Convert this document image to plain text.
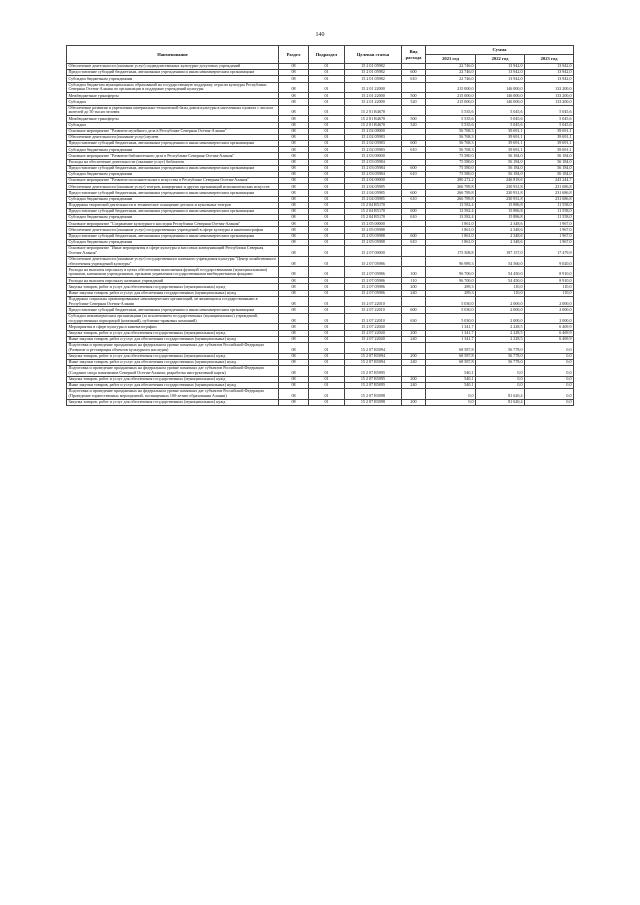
140
Наименование	Раздел	Подраздел	Целевая статья	Вид расхода	Сумма		
					2021 год	2022 год	2023 год
Обеспечение деятельности (оказание услуг) подведомственных культурно-досуговых учреждений	08	01	15 2 01 05982		22 746,0	13 942,0	13 942,0
Предоставление субсидий бюджетным, автономным учреждениям и иным некоммерческим организациям	08	01	15 2 01 05982	600	22 746,0	13 942,0	13 942,0
Субсидии бюджетным учреждениям	08	01	15 2 01 05982	610	22 746,0	13 942,0	13 942,0
Субсидии бюджетам муниципальных образований на государственную поддержку отрасли культуры Республики Северная Осетия-Алания по организации и поддержке учреждений культуры	08	01	15 2 01 22000		215 000,0	146 000,0	133 200,0
Межбюджетные трансферты	08	01	15 2 01 22000	500	215 000,0	146 000,0	133 200,0
Субсидии	08	01	15 2 01 22000	520	215 000,0	146 000,0	133 200,0
Обеспечение развития и укрепления материально-технической базы домов культуры в населенных пунктах с числом жителей до 50 тысяч человек	08	01	15 2 01 R4670		5 535,6	5 045,6	5 045,6
Межбюджетные трансферты	08	01	15 2 01 R4670	500	5 535,6	5 045,6	5 045,6
Субсидии	08	01	15 2 01 R4670	520	5 535,6	5 045,6	5 045,6
Основное мероприятие "Развитие музейного дела в Республике Северная Осетия-Алания"	08	01	15 2 02 00000		56 768,3	39 691,1	39 691,1
Обеспечение деятельности (оказание услуг) музеев	08	01	15 2 02 05983		56 768,3	39 691,1	39 691,1
Предоставление субсидий бюджетным, автономным учреждениям и иным некоммерческим организациям	08	01	15 2 02 05983	600	56 768,3	39 691,1	39 691,1
Субсидии бюджетным учреждениям	08	01	15 2 02 05983	610	56 768,3	39 691,1	39 691,1
Основное мероприятие "Развитие библиотечного дела в Республике Северная Осетия-Алания"	08	01	15 2 03 00000		75 580,0	56 184,0	56 184,0
Расходы на обеспечение деятельности (оказание услуг) библиотек	08	01	15 2 03 05984		75 580,0	56 184,0	56 184,0
Предоставление субсидий бюджетным, автономным учреждениям и иным некоммерческим организациям	08	01	15 2 03 05984	600	75 580,0	56 184,0	56 184,0
Субсидии бюджетным учреждениям	08	01	15 2 03 05984	610	75 580,0	56 184,0	56 184,0
Основное мероприятие "Развитие исполнительского искусства в Республике Северная Осетия-Алания"	08	01	15 2 04 00000		280 272,2	246 818,6	243 244,7
Обеспечение деятельности (оказание услуг) театров, концертных и других организаций исполнительских искусств	08	01	15 2 04 05985		266 789,8	230 931,8	231 686,8
Предоставление субсидий бюджетным, автономным учреждениям и иным некоммерческим организациям	08	01	15 2 04 05985	600	266 789,8	230 931,8	231 686,8
Субсидии бюджетным учреждениям	08	01	15 2 04 05985	610	266 789,8	230 931,8	231 686,8
Поддержка творческой деятельности и техническое оснащение детских и кукольных театров	08	01	15 2 04 R5170		13 582,4	15 886,8	11 558,0
Предоставление субсидий бюджетным, автономным учреждениям и иным некоммерческим организациям	08	01	15 2 04 R5170	600	13 582,4	15 886,8	11 558,0
Субсидии бюджетным учреждениям	08	01	15 2 04 R5170	610	13 582,4	15 886,8	11 558,0
Основное мероприятие "Сохранение культурного наследия Республики Северная Осетия-Алания"	08	01	15 2 05 00000		1 861,0	2 348,6	1 967,0
Обеспечение деятельности (оказание услуг) государственных учреждений в сфере культуры и кинематографии	08	01	15 2 05 05988		1 861,0	2 348,6	1 967,0
Предоставление субсидий бюджетным, автономным учреждениям и иным некоммерческим организациям	08	01	15 2 05 05988	600	1 861,0	2 348,6	1 967,0
Субсидии бюджетным учреждениям	08	01	15 2 05 05988	610	1 861,0	2 348,6	1 967,0
Основное мероприятие "Иные мероприятия в сфере культуры и массовых коммуникаций Республики Северная Осетия-Алания"	08	01	15 2 07 00000		175 508,8	197 157,0	17 479,9
Обеспечение деятельности (оказание услуг) государственного казенного учреждения культуры "Центр хозяйственного обеспечения учреждений культуры"	08	01	15 2 07 05986		96 989,3	54 560,0	9 020,0
Расходы на выплаты персоналу в целях обеспечения выполнения функций государственными (муниципальными) органами, казенными учреждениями, органами управления государственными внебюджетными фондами	08	01	15 2 07 05986	100	96 700,0	54 450,0	8 910,0
Расходы на выплаты персоналу казенных учреждений	08	01	15 2 07 05986	110	96 700,0	54 450,0	8 910,0
Закупка товаров, работ и услуг для обеспечения государственных (муниципальных) нужд	08	01	15 2 07 05986	200	289,3	110,0	110,0
Иные закупки товаров, работ и услуг для обеспечения государственных (муниципальных) нужд	08	01	15 2 07 05986	240	289,3	110,0	110,0
Поддержка социально ориентированных некоммерческих организаций, не являющихся государственными в Республике Северная Осетия-Алания	08	01	15 2 07 22010		5 030,0	2 000,0	2 000,0
Предоставление субсидий бюджетным, автономным учреждениям и иным некоммерческим организациям	08	01	15 2 07 22010	600	5 030,0	2 000,0	2 000,0
Субсидии некоммерческим организациям (за исключением государственных (муниципальных) учреждений, государственных корпораций (компаний), публично-правовых компаний)	08	01	15 2 07 22010	630	5 030,0	2 000,0	2 000,0
Мероприятия в сфере культуры и кинематографии	08	01	15 2 07 22040		1 341,7	2 228,5	6 469,9
Закупка товаров, работ и услуг для обеспечения государственных (муниципальных) нужд	08	01	15 2 07 22040	200	1 341,7	2 228,5	6 469,9
Иные закупки товаров, работ и услуг для обеспечения государственных (муниципальных) нужд	08	01	15 2 07 22040	240	1 341,7	2 228,5	6 469,9
Подготовка и проведение праздничных на федеральном уровне памятных дат субъектов Российской Федерации (Развитие и реставрация объектов культурного наследия)	08	01	15 2 07 R5094		68 587,8	56 778,0	0,0
Закупка товаров, работ и услуг для обеспечения государственных (муниципальных) нужд	08	01	15 2 07 R5094	200	68 587,8	56 778,0	0,0
Иные закупки товаров, работ и услуг для обеспечения государственных (муниципальных) нужд	08	01	15 2 07 R5094	240	68 587,8	56 778,0	0,0
Подготовка и проведение праздничных на федеральном уровне памятных дат субъектов Российской Федерации (Создание свода памятников Северной Осетии-Алании, разработка инструктивной карты)	08	01	15 2 07 R5095		540,1	0,0	0,0
Закупка товаров, работ и услуг для обеспечения государственных (муниципальных) нужд	08	01	15 2 07 R5095	200	540,1	0,0	0,0
Иные закупки товаров, работ и услуг для обеспечения государственных (муниципальных) нужд	08	01	15 2 07 R5095	240	540,1	0,0	0,0
Подготовка и проведение праздничных на федеральном уровне памятных дат субъектов Российской Федерации (Проведение торжественных мероприятий, посвященных 100-летию образования Алании)	08	01	15 2 07 R5098		0,0	81 620,4	0,0
Закупка товаров, работ и услуг для обеспечения государственных (муниципальных) нужд	08	01	15 2 07 R5098	200	0,0	81 620,4	0,0
